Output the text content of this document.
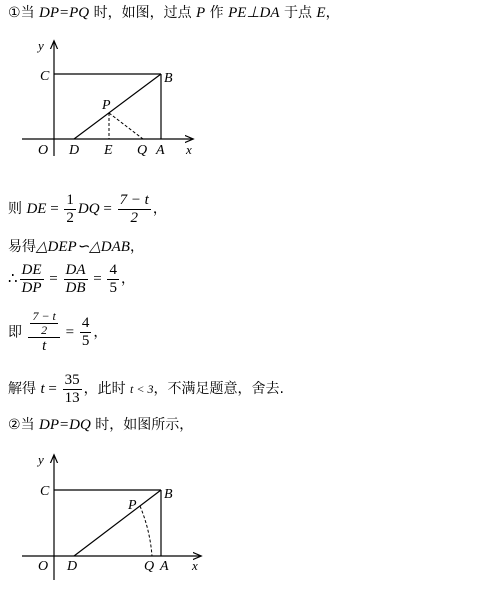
①当 DP=PQ 时，如图，过点 P 作 PE⊥DA 于点 E，
y
C	B
P
O D E Q A x
则 DE = $\frac{1}{2}$ DQ = $\frac{7 - t}{2}$ ，
易得△DEP∽△DAB，
∴ $\frac{DE}{DP} = \frac{DA}{DB} = \frac{4}{5}$ ，
即 $\frac{\frac{7 - t}{2}}{t} = \frac{4}{5}$ ，
解得 $t = \frac{35}{13}$ ，此时 t < 3，不满足题意，舍去.
②当 DP=DQ 时，如图所示，
y
C	B
P
O D	Q A x
